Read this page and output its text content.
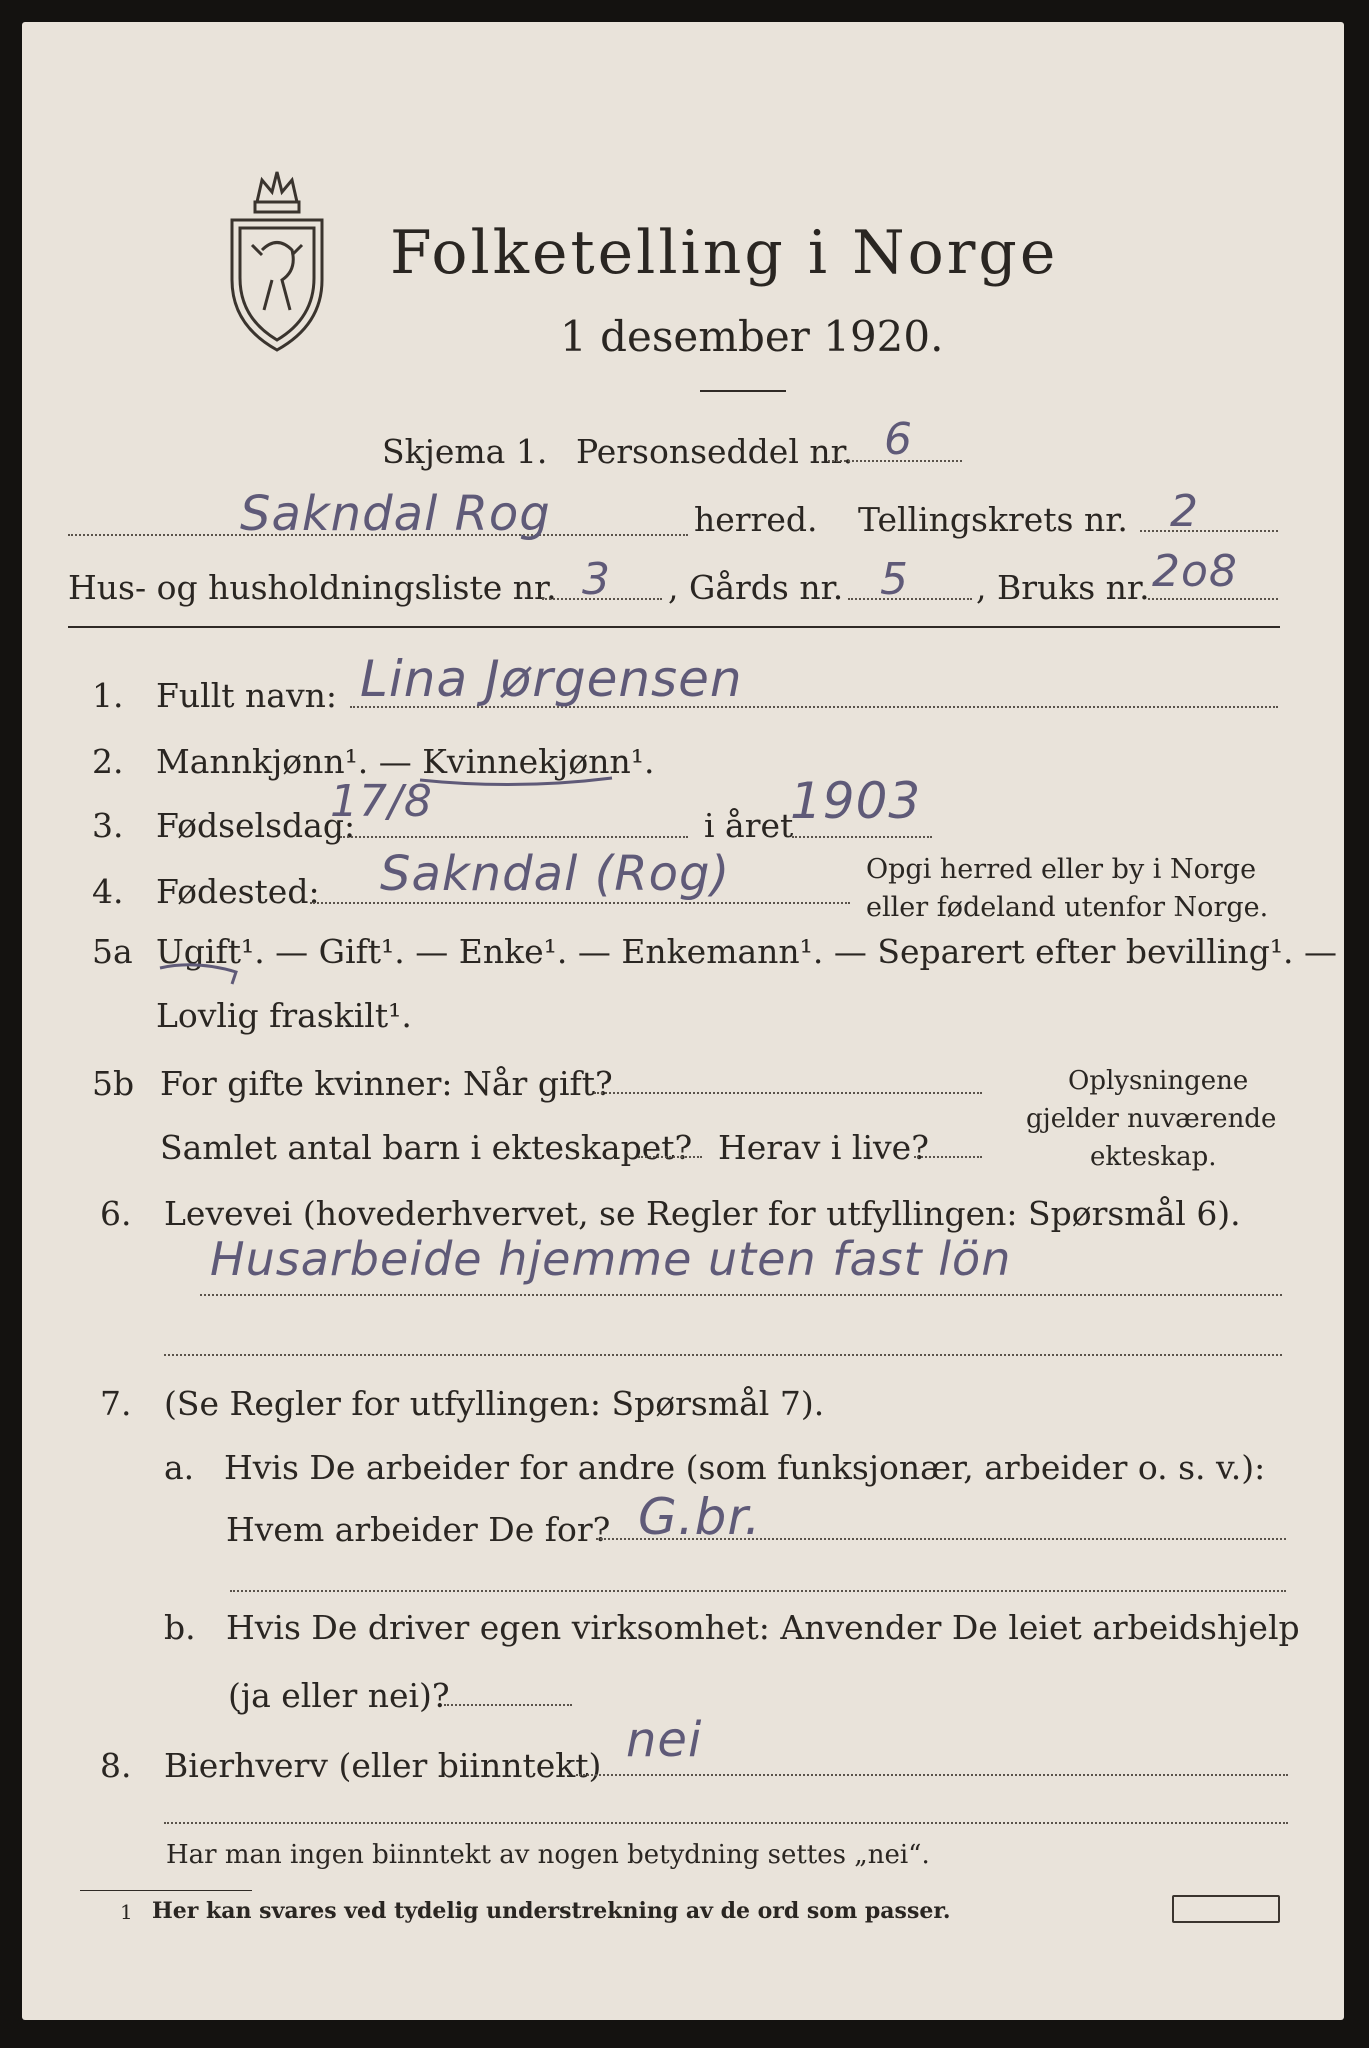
Folketelling i Norge
1 desember 1920.
Skjema 1. Personseddel nr. 6
Sakndal Rog	herred. Tellingskrets nr. 2
Hus- og husholdningsliste nr. 3 , Gårds nr. 5 , Bruks nr. 2o8
1. Fullt navn: Lina Jørgensen
2. Mannkjønn¹. — Kvinnekjønn¹.
3. Fødselsdag:
17/8	i året
1903
4. Fødested: Sakndal (Rog)	Opgi herred eller by i Norge
eller fødeland utenfor Norge.
5a Ugift¹. — Gift¹. — Enke¹. — Enkemann¹. — Separert efter bevilling¹. —
Lovlig fraskilt¹.
5b For gifte kvinner: Når gift?
Samlet antal barn i ekteskapet? Herav i live?
Oplysningene
gjelder nuværende
ekteskap.
6. Levevei (hovederhvervet, se Regler for utfyllingen: Spørsmål 6).
Husarbeide hjemme uten fast lön
7. (Se Regler for utfyllingen: Spørsmål 7).
a. Hvis De arbeider for andre (som funksjonær, arbeider o. s. v.):
Hvem arbeider De for? G.br.
b. Hvis De driver egen virksomhet: Anvender De leiet arbeidshjelp
(ja eller nei)?
8. Bierhverv (eller biinntekt) nei
Har man ingen biinntekt av nogen betydning settes „nei“.
1 Her kan svares ved tydelig understrekning av de ord som passer.
